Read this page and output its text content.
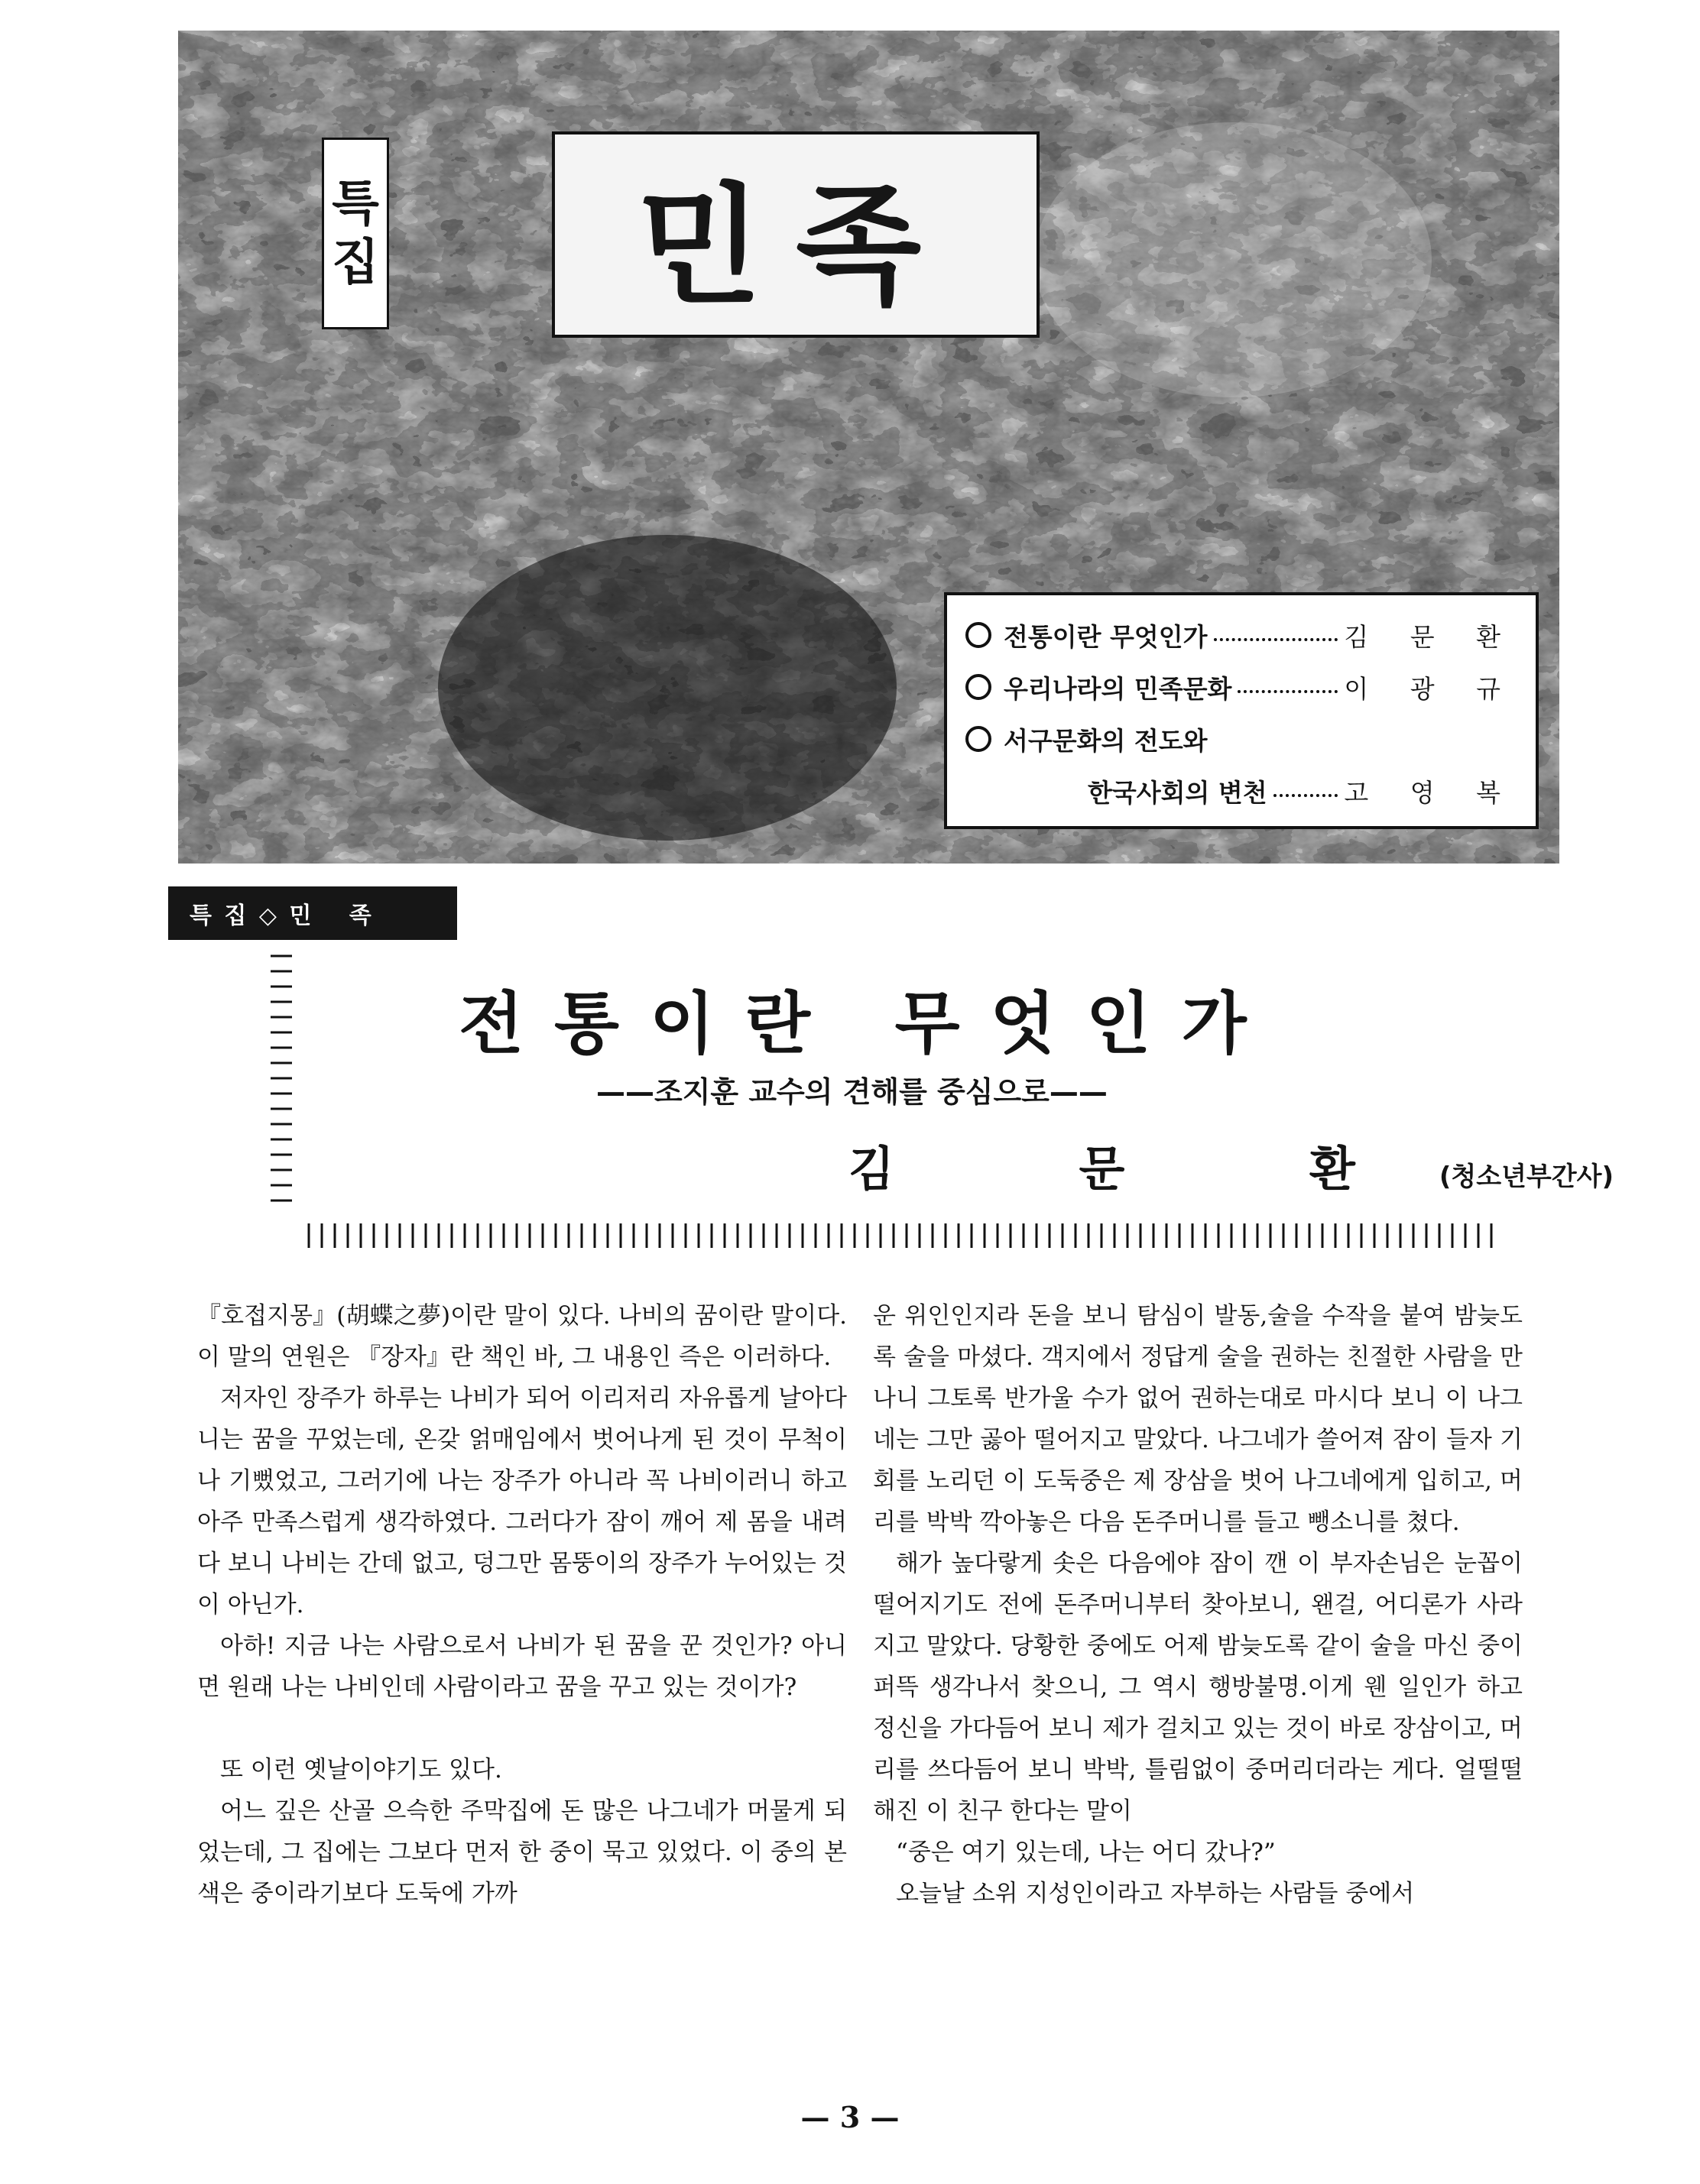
특
집 민족
전통이란 무엇인가	김 문 환
우리나라의 민족문화	이 광 규
서구문화의 전도와
한국사회의 변천	고 영 복
특 집 ◇ 민　 족
전통이란 무엇인가
——조지훈 교수의 견해를 중심으로——
김 문 환(청소년부간사)

『호접지몽』(胡蝶之夢)이란 말이 있다. 나비의 꿈이란 말이다. 이 말의 연원은 『장자』란 책인 바, 그 내용인 즉은 이러하다.

저자인 장주가 하루는 나비가 되어 이리저리 자유롭게 날아다니는 꿈을 꾸었는데, 온갖 얽매임에서 벗어나게 된 것이 무척이나 기뻤었고, 그러기에 나는 장주가 아니라 꼭 나비이러니 하고 아주 만족스럽게 생각하였다. 그러다가 잠이 깨어 제 몸을 내려다 보니 나비는 간데 없고, 덩그만 몸뚱이의 장주가 누어있는 것이 아닌가.

아하! 지금 나는 사람으로서 나비가 된 꿈을 꾼 것인가? 아니면 원래 나는 나비인데 사람이라고 꿈을 꾸고 있는 것이가?

또 이런 옛날이야기도 있다.

어느 깊은 산골 으슥한 주막집에 돈 많은 나그네가 머물게 되었는데, 그 집에는 그보다 먼저 한 중이 묵고 있었다. 이 중의 본색은 중이라기보다 도둑에 가까

운 위인인지라 돈을 보니 탐심이 발동,술을 수작을 붙여 밤늦도록 술을 마셨다. 객지에서 정답게 술을 권하는 친절한 사람을 만나니 그토록 반가울 수가 없어 권하는대로 마시다 보니 이 나그네는 그만 곯아 떨어지고 말았다. 나그네가 쓸어져 잠이 들자 기회를 노리던 이 도둑중은 제 장삼을 벗어 나그네에게 입히고, 머리를 박박 깍아놓은 다음 돈주머니를 들고 뺑소니를 쳤다.

해가 높다랗게 솟은 다음에야 잠이 깬 이 부자손님은 눈꼽이 떨어지기도 전에 돈주머니부터 찾아보니, 왠걸, 어디론가 사라지고 말았다. 당황한 중에도 어제 밤늦도록 같이 술을 마신 중이 퍼뜩 생각나서 찾으니, 그 역시 행방불명.이게 웬 일인가 하고 정신을 가다듬어 보니 제가 걸치고 있는 것이 바로 장삼이고, 머리를 쓰다듬어 보니 박박, 틀림없이 중머리더라는 게다. 얼떨떨해진 이 친구 한다는 말이

“중은 여기 있는데, 나는 어디 갔나?”

오늘날 소위 지성인이라고 자부하는 사람들 중에서

— 3 —
